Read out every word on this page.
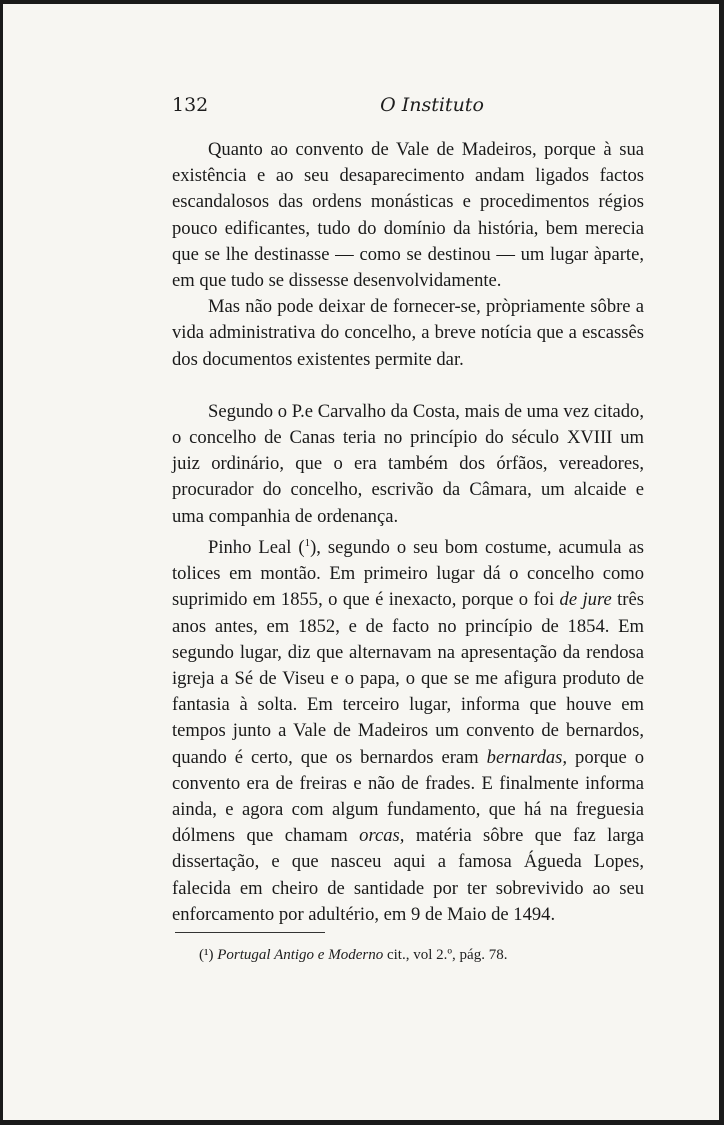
132	O Instituto

Quanto ao convento de Vale de Madeiros, porque à sua existência e ao seu desaparecimento andam ligados factos escandalosos das ordens monásticas e procedimentos régios pouco edificantes, tudo do domínio da história, bem merecia que se lhe destinasse — como se destinou — um lugar àparte, em que tudo se dissesse desenvolvidamente.

Mas não pode deixar de fornecer-se, pròpriamente sôbre a vida administrativa do concelho, a breve notícia que a escassês dos documentos existentes permite dar.

Segundo o P.e Carvalho da Costa, mais de uma vez citado, o concelho de Canas teria no princípio do século XVIII um juiz ordinário, que o era também dos órfãos, vereadores, procurador do concelho, escrivão da Câmara, um alcaide e uma companhia de ordenança.

Pinho Leal ($^1$), segundo o seu bom costume, acumula as tolices em montão. Em primeiro lugar dá o concelho como suprimido em 1855, o que é inexacto, porque o foi de jure três anos antes, em 1852, e de facto no princípio de 1854. Em segundo lugar, diz que alternavam na apresentação da rendosa igreja a Sé de Viseu e o papa, o que se me afigura produto de fantasia à solta. Em terceiro lugar, informa que houve em tempos junto a Vale de Madeiros um convento de bernardos, quando é certo, que os bernardos eram bernardas, porque o convento era de freiras e não de frades. E finalmente informa ainda, e agora com algum fundamento, que há na freguesia dólmens que chamam orcas, matéria sôbre que faz larga dissertação, e que nasceu aqui a famosa Águeda Lopes, falecida em cheiro de santidade por ter sobrevivido ao seu enforcamento por adultério, em 9 de Maio de 1494.

(¹) Portugal Antigo e Moderno cit., vol 2.º, pág. 78.
